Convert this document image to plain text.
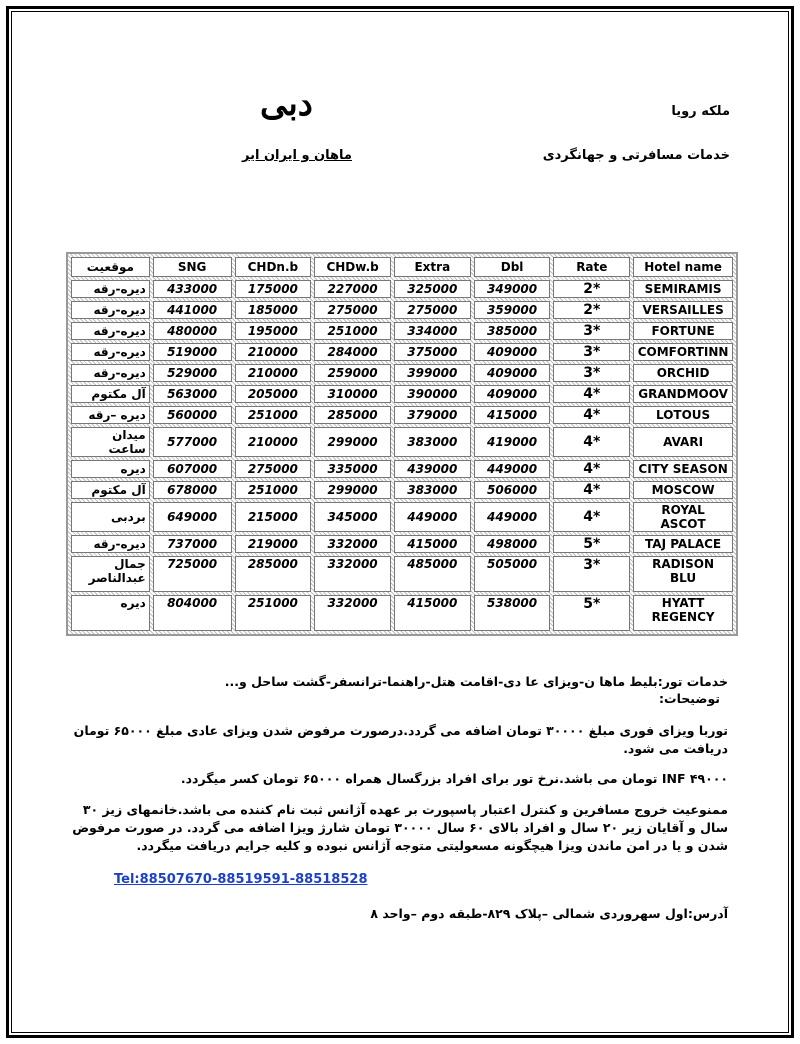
ملکه رویا
خدمات مسافرتی و جهانگردی
دبی
ماهان و ایران ایر
موقعیت	SNG	CHDn.b	CHDw.b	Extra	Dbl	Rate	Hotel name
دیره-رقه	433000	175000	227000	325000	349000	2*	SEMIRAMIS
دیره-رقه	441000	185000	275000	275000	359000	2*	VERSAILLES
دیره-رقه	480000	195000	251000	334000	385000	3*	FORTUNE
دیره-رقه	519000	210000	284000	375000	409000	3*	COMFORTINN
دیره-رقه	529000	210000	259000	399000	409000	3*	ORCHID
آل مکتوم	563000	205000	310000	390000	409000	4*	GRANDMOOV
دیره –رقه	560000	251000	285000	379000	415000	4*	LOTOUS
میدان ساعت	577000	210000	299000	383000	419000	4*	AVARI
دیره	607000	275000	335000	439000	449000	4*	CITY SEASON
آل مکتوم	678000	251000	299000	383000	506000	4*	MOSCOW
بردبی	649000	215000	345000	449000	449000	4*	ROYAL ASCOT
دیره-رقه	737000	219000	332000	415000	498000	5*	TAJ PALACE
جمال عبدالناصر	725000	285000	332000	485000	505000	3*	RADISON BLU
دیره	804000	251000	332000	415000	538000	5*	HYATT REGENCY
خدمات تور:بلیط ماها ن-ویزای عا دی-اقامت هتل-راهنما-ترانسفر-گشت ساحل و...
توضیحات:
توربا ویزای فوری مبلغ ۳۰۰۰۰ تومان اضافه می گردد.درصورت مرفوض شدن ویزای عادی مبلغ ۶۵۰۰۰ تومان دریافت می شود.
INF ۴۹۰۰۰ تومان می باشد.نرخ تور برای افراد بزرگسال همراه ۶۵۰۰۰ تومان کسر میگردد.
ممنوعیت خروج مسافرین و کنترل اعتبار پاسپورت بر عهده آژانس ثبت نام کننده می باشد.خانمهای زیز ۳۰ سال و آقایان زیر ۲۰ سال و افراد بالای ۶۰ سال ۳۰۰۰۰ تومان شارژ ویزا اضافه می گردد. در صورت مرفوض شدن و یا در امن ماندن ویزا هیچگونه مسعولیتی متوجه آژانس نبوده و کلیه جرایم دریافت میگردد.
Tel:88507670-88519591-88518528
آدرس:اول سهروردی شمالی –پلاک ۸۲۹-طبقه دوم –واحد ۸
